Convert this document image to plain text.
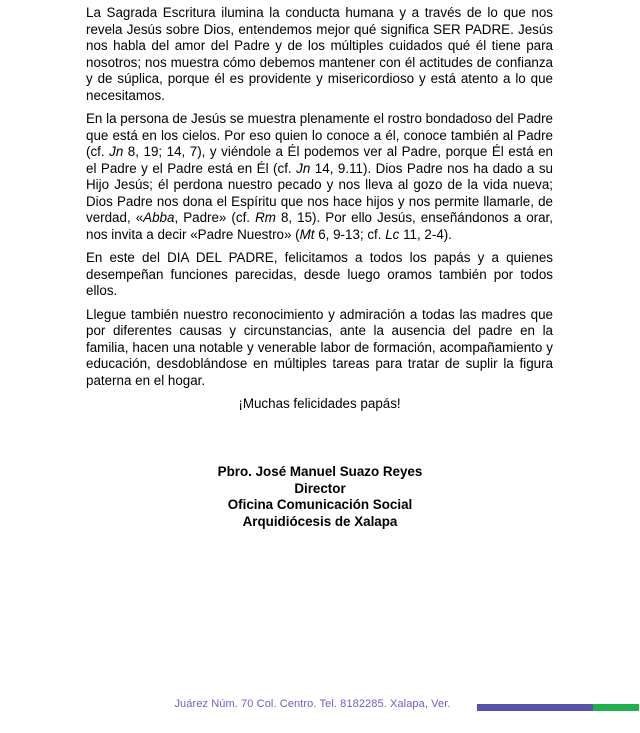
La Sagrada Escritura ilumina la conducta humana y a través de lo que nos revela Jesús sobre Dios, entendemos mejor qué significa SER PADRE. Jesús nos habla del amor del Padre y de los múltiples cuidados qué él tiene para nosotros; nos muestra cómo debemos mantener con él actitudes de confianza y de súplica, porque él es providente y misericordioso y está atento a lo que necesitamos.

En la persona de Jesús se muestra plenamente el rostro bondadoso del Padre que está en los cielos. Por eso quien lo conoce a él, conoce también al Padre (cf. Jn 8, 19; 14, 7), y viéndole a Él podemos ver al Padre, porque Él está en el Padre y el Padre está en Él (cf. Jn 14, 9.11). Dios Padre nos ha dado a su Hijo Jesús; él perdona nuestro pecado y nos lleva al gozo de la vida nueva; Dios Padre nos dona el Espíritu que nos hace hijos y nos permite llamarle, de verdad, «Abba, Padre» (cf. Rm 8, 15). Por ello Jesús, enseñándonos a orar, nos invita a decir «Padre Nuestro» (Mt 6, 9-13; cf. Lc 11, 2-4).

En este del DIA DEL PADRE, felicitamos a todos los papás y a quienes desempeñan funciones parecidas, desde luego oramos también por todos ellos.

Llegue también nuestro reconocimiento y admiración a todas las madres que por diferentes causas y circunstancias, ante la ausencia del padre en la familia, hacen una notable y venerable labor de formación, acompañamiento y educación, desdoblándose en múltiples tareas para tratar de suplir la figura paterna en el hogar.

¡Muchas felicidades papás!

Pbro. José Manuel Suazo Reyes
Director
Oficina Comunicación Social
Arquidiócesis de Xalapa
Juárez Núm. 70 Col. Centro. Tel. 8182285. Xalapa, Ver.
